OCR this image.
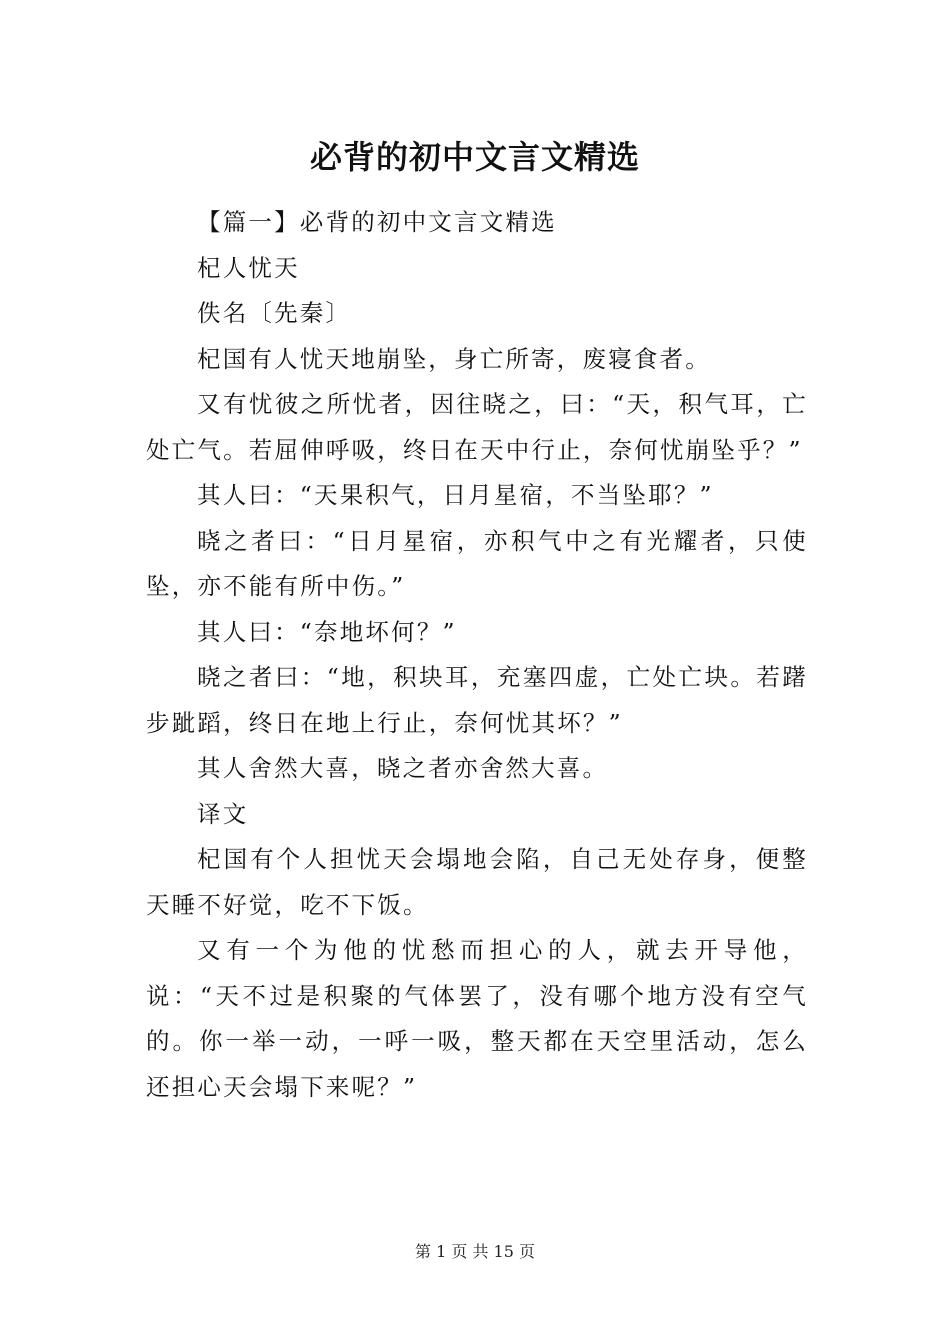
必背的初中文言文精选

【篇一】必背的初中文言文精选

杞人忧天

佚名〔先秦〕

杞国有人忧天地崩坠，身亡所寄，废寝食者。

又有忧彼之所忧者，因往晓之，曰：“天，积气耳，亡处亡气。若屈伸呼吸，终日在天中行止，奈何忧崩坠乎？”

其人曰：“天果积气，日月星宿，不当坠耶？”

晓之者曰：“日月星宿，亦积气中之有光耀者，只使坠，亦不能有所中伤。”

其人曰：“奈地坏何？”

晓之者曰：“地，积块耳，充塞四虚，亡处亡块。若躇步跐蹈，终日在地上行止，奈何忧其坏？”

其人舍然大喜，晓之者亦舍然大喜。

译文

杞国有个人担忧天会塌地会陷，自己无处存身，便整天睡不好觉，吃不下饭。

又有一个为他的忧愁而担心的人，就去开导他，说：“天不过是积聚的气体罢了，没有哪个地方没有空气的。你一举一动，一呼一吸，整天都在天空里活动，怎么还担心天会塌下来呢？”

第 1 页 共 15 页
